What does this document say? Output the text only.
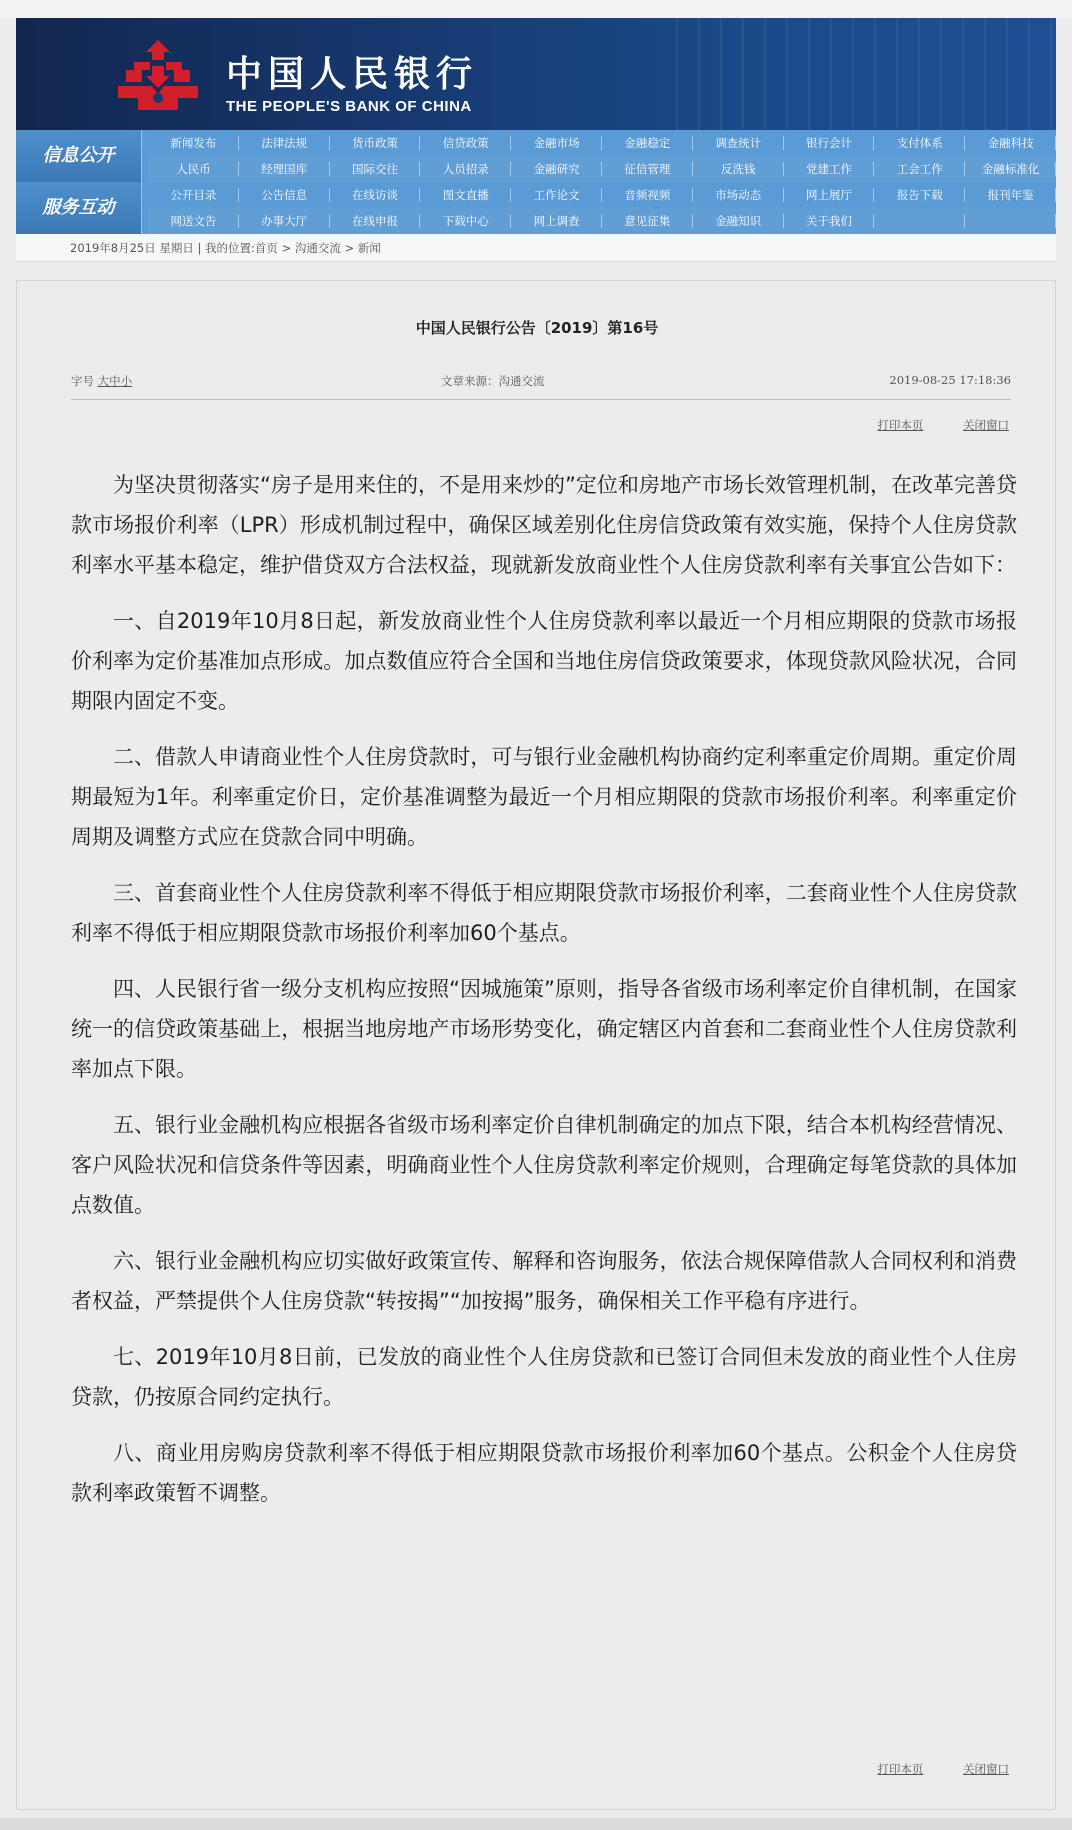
中国人民银行
THE PEOPLE'S BANK OF CHINA
信息公开
服务互动
新闻发布	法律法规	货币政策	信贷政策	金融市场	金融稳定	调查统计	银行会计	支付体系	金融科技
人民币	经理国库	国际交往	人员招录	金融研究	征信管理	反洗钱	党建工作	工会工作	金融标准化
公开目录	公告信息	在线访谈	图文直播	工作论文	音频视频	市场动态	网上展厅	报告下载	报刊年鉴
网送文告	办事大厅	在线申报	下载中心	网上调查	意见征集	金融知识	关于我们
2019年8月25日 星期日 | 我的位置:首页 > 沟通交流 > 新闻
中国人民银行公告〔2019〕第16号
字号 大中小	文章来源：沟通交流	2019-08-25 17:18:36
打印本页	关闭窗口

为坚决贯彻落实“房子是用来住的，不是用来炒的”定位和房地产市场长效管理机制，在改革完善贷款市场报价利率（LPR）形成机制过程中，确保区域差别化住房信贷政策有效实施，保持个人住房贷款利率水平基本稳定，维护借贷双方合法权益，现就新发放商业性个人住房贷款利率有关事宜公告如下：

一、自2019年10月8日起，新发放商业性个人住房贷款利率以最近一个月相应期限的贷款市场报价利率为定价基准加点形成。加点数值应符合全国和当地住房信贷政策要求，体现贷款风险状况，合同期限内固定不变。

二、借款人申请商业性个人住房贷款时，可与银行业金融机构协商约定利率重定价周期。重定价周期最短为1年。利率重定价日，定价基准调整为最近一个月相应期限的贷款市场报价利率。利率重定价周期及调整方式应在贷款合同中明确。

三、首套商业性个人住房贷款利率不得低于相应期限贷款市场报价利率，二套商业性个人住房贷款利率不得低于相应期限贷款市场报价利率加60个基点。

四、人民银行省一级分支机构应按照“因城施策”原则，指导各省级市场利率定价自律机制，在国家统一的信贷政策基础上，根据当地房地产市场形势变化，确定辖区内首套和二套商业性个人住房贷款利率加点下限。

五、银行业金融机构应根据各省级市场利率定价自律机制确定的加点下限，结合本机构经营情况、客户风险状况和信贷条件等因素，明确商业性个人住房贷款利率定价规则，合理确定每笔贷款的具体加点数值。

六、银行业金融机构应切实做好政策宣传、解释和咨询服务，依法合规保障借款人合同权利和消费者权益，严禁提供个人住房贷款“转按揭”“加按揭”服务，确保相关工作平稳有序进行。

七、2019年10月8日前，已发放的商业性个人住房贷款和已签订合同但未发放的商业性个人住房贷款，仍按原合同约定执行。

八、商业用房购房贷款利率不得低于相应期限贷款市场报价利率加60个基点。公积金个人住房贷款利率政策暂不调整。

打印本页	关闭窗口
